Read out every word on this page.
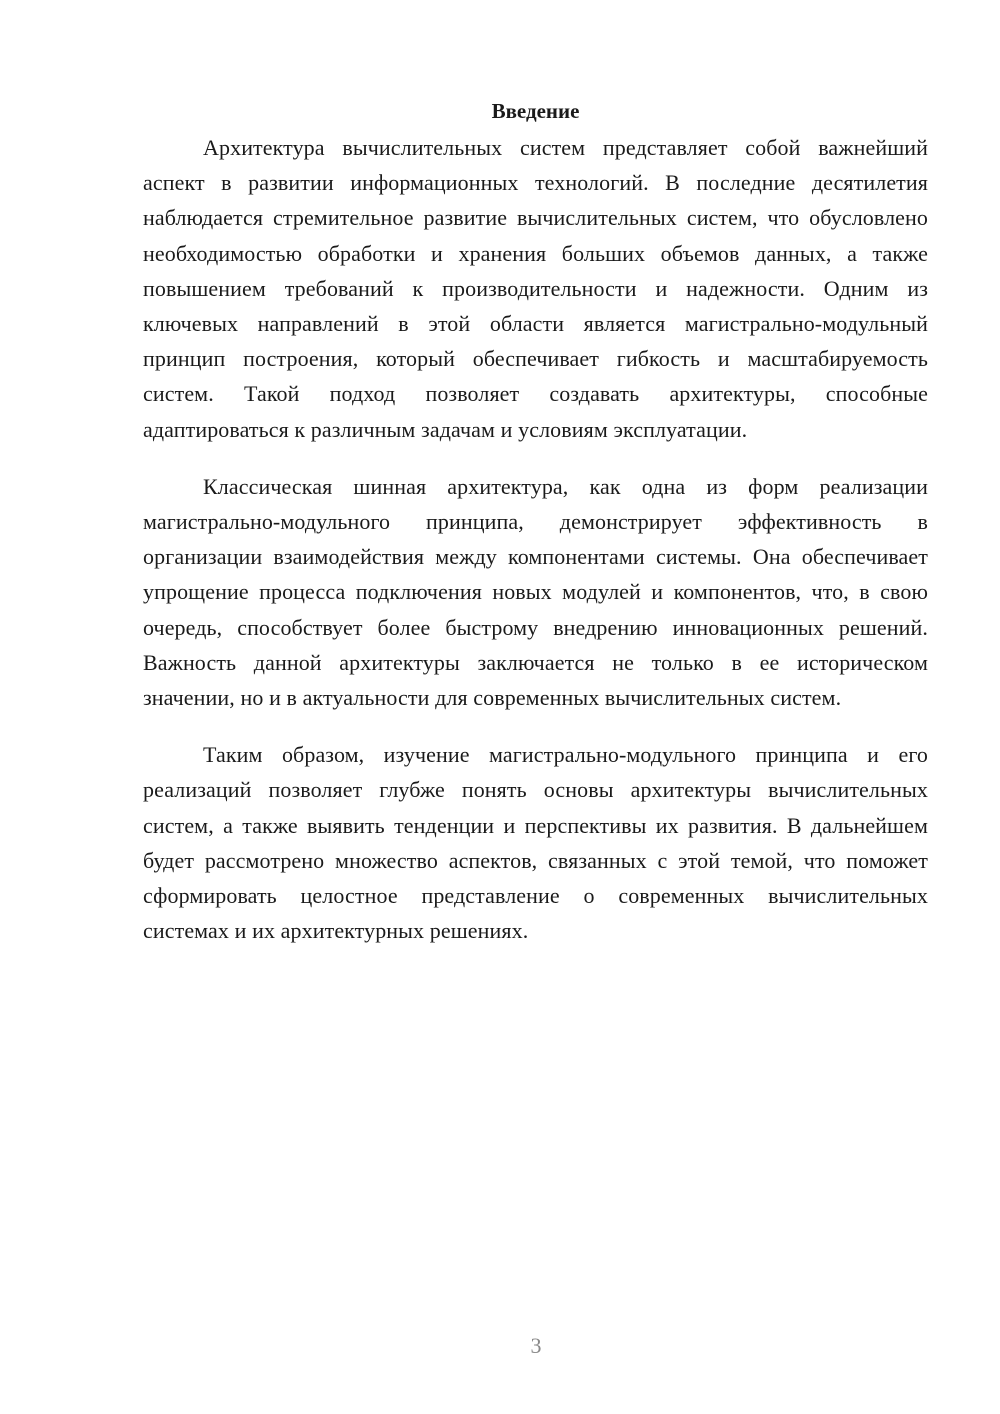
Введение

Архитектура вычислительных систем представляет собой важнейший аспект в развитии информационных технологий. В последние десятилетия наблюдается стремительное развитие вычислительных систем, что обусловлено необходимостью обработки и хранения больших объемов данных, а также повышением требований к производительности и надежности. Одним из ключевых направлений в этой области является магистрально-модульный принцип построения, который обеспечивает гибкость и масштабируемость систем. Такой подход позволяет создавать архитектуры, способные адаптироваться к различным задачам и условиям эксплуатации.

Классическая шинная архитектура, как одна из форм реализации магистрально-модульного принципа, демонстрирует эффективность в организации взаимодействия между компонентами системы. Она обеспечивает упрощение процесса подключения новых модулей и компонентов, что, в свою очередь, способствует более быстрому внедрению инновационных решений. Важность данной архитектуры заключается не только в ее историческом значении, но и в актуальности для современных вычислительных систем.

Таким образом, изучение магистрально-модульного принципа и его реализаций позволяет глубже понять основы архитектуры вычислительных систем, а также выявить тенденции и перспективы их развития. В дальнейшем будет рассмотрено множество аспектов, связанных с этой темой, что поможет сформировать целостное представление о современных вычислительных системах и их архитектурных решениях.

3
